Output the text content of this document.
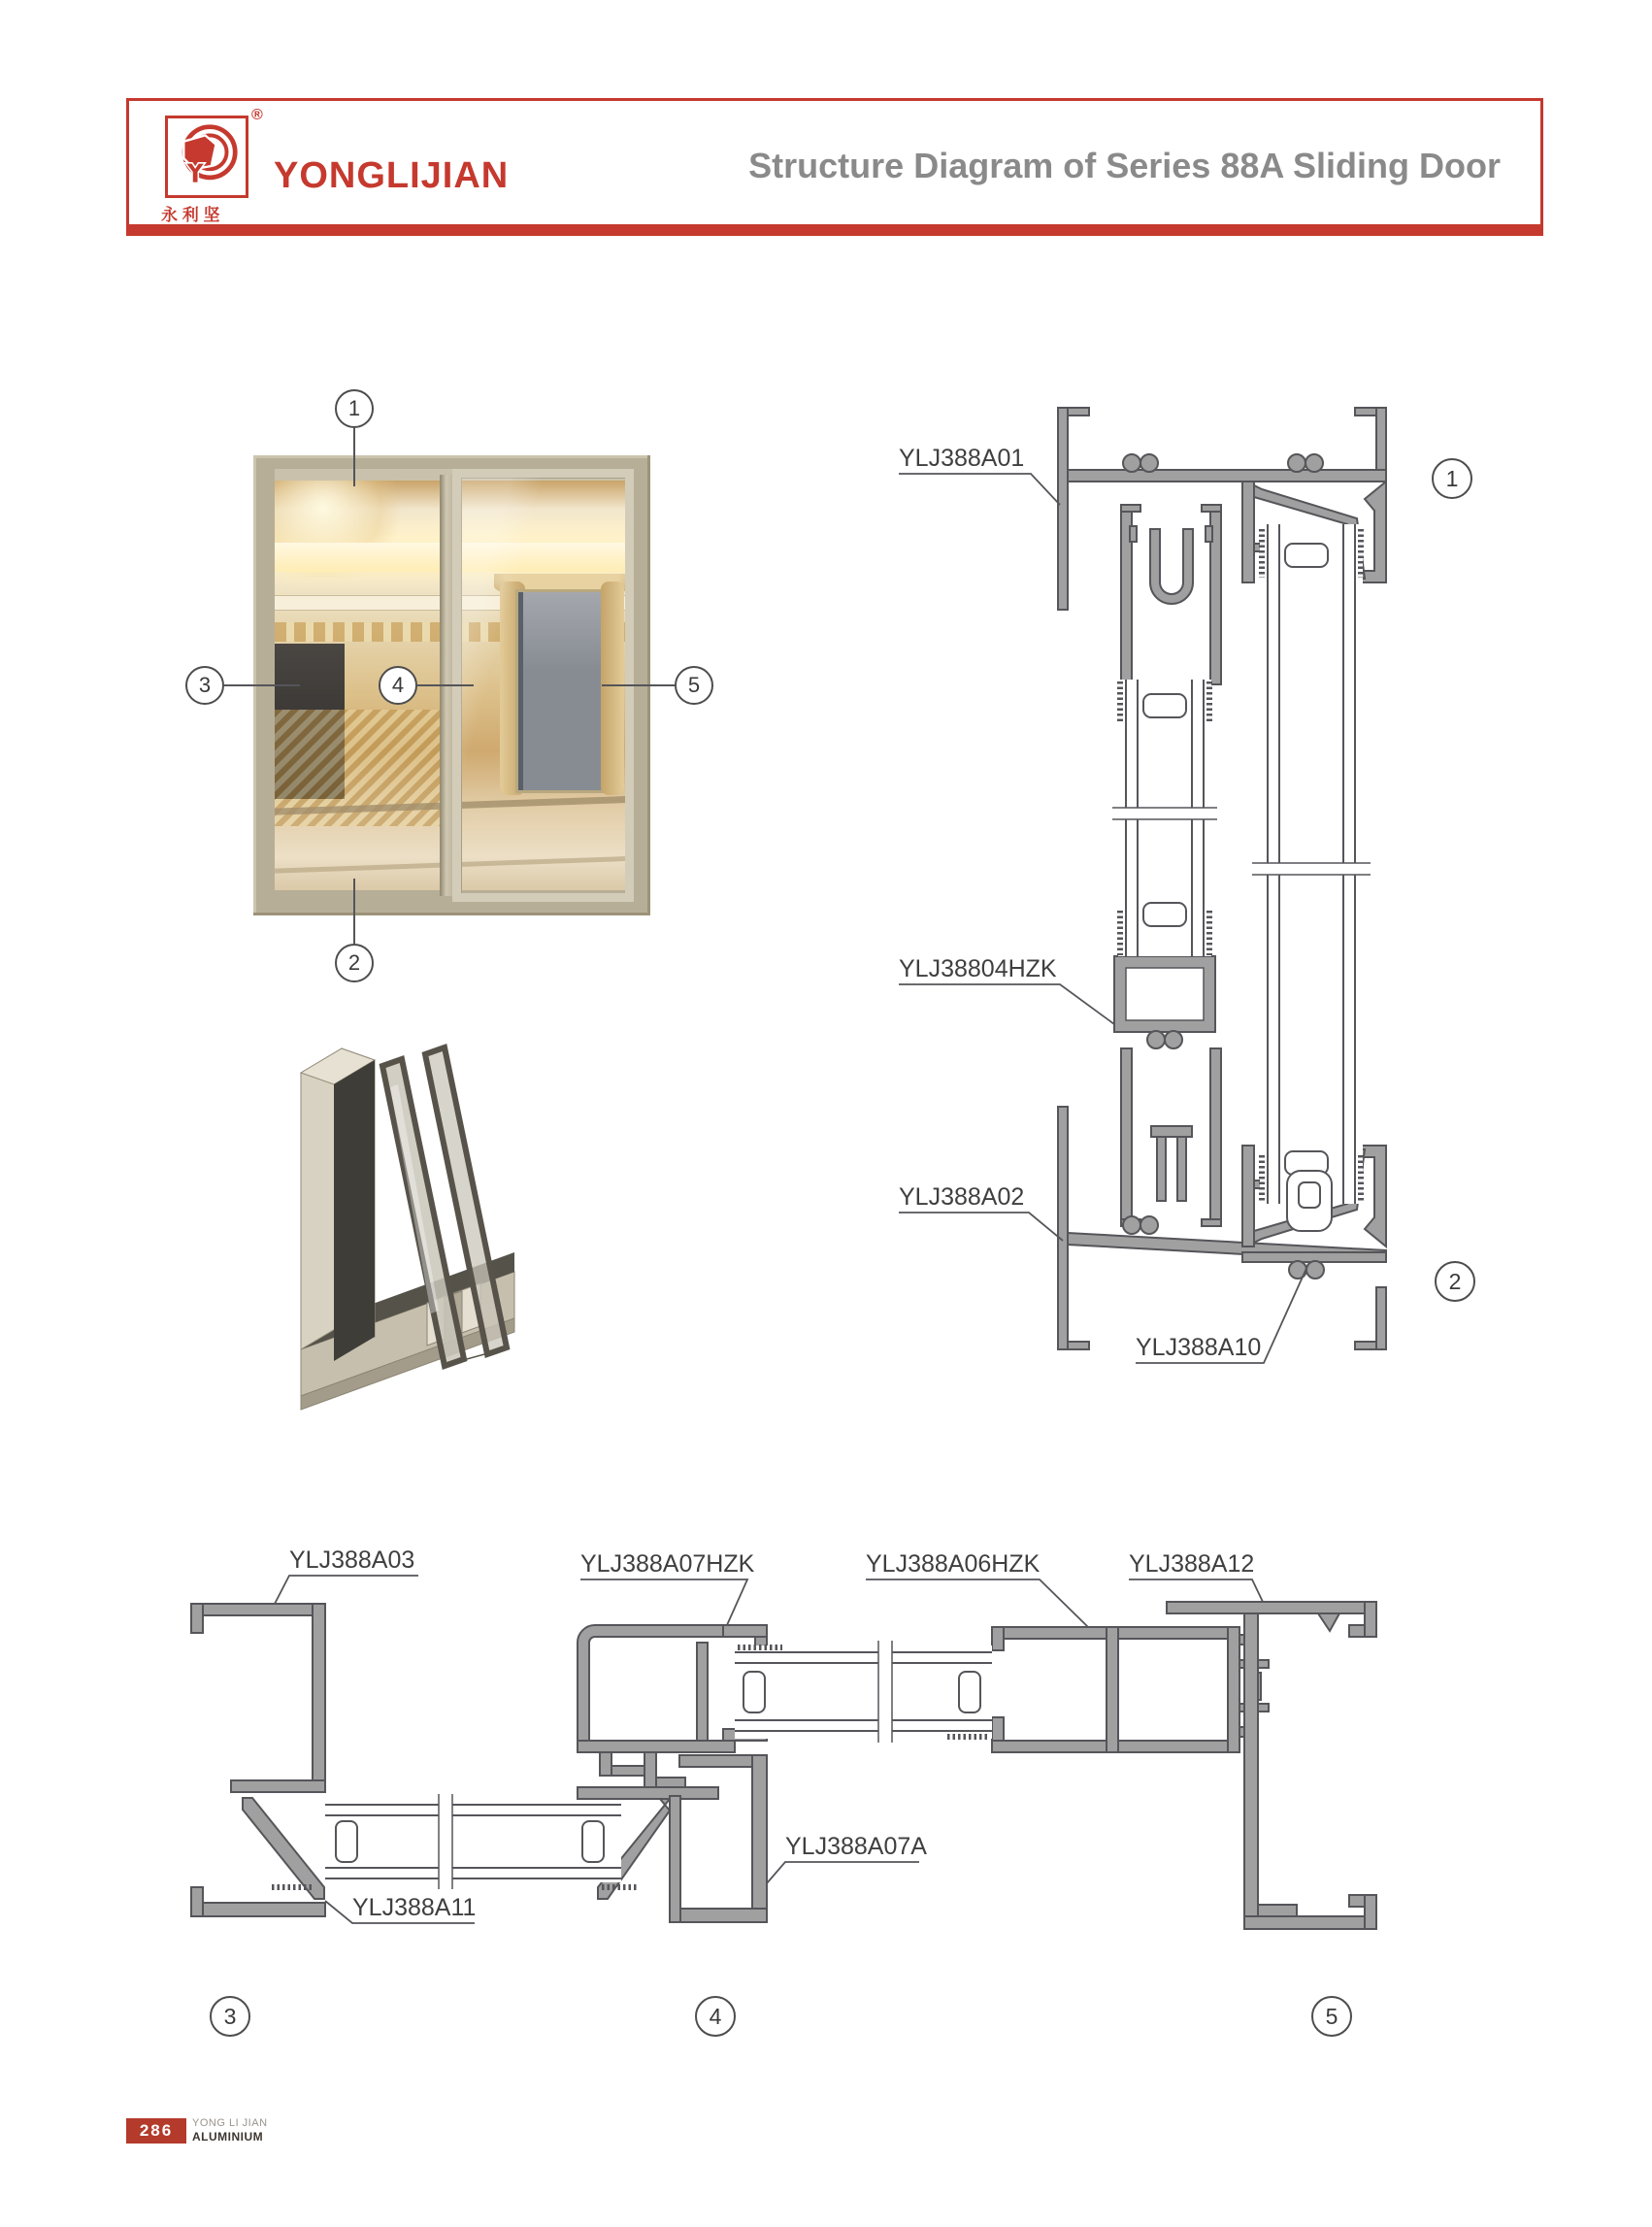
®
永 利 坚
YONGLIJIAN	Structure Diagram of Series 88A Sliding Door
1
2
3	4	5
YLJ388A01
YLJ38804HZK
YLJ388A02
YLJ388A10
1
2
YLJ388A03	YLJ388A07HZK	YLJ388A06HZK	YLJ388A12
YLJ388A07A
YLJ388A11
3	4	5
286	YONG LI JIAN
ALUMINIUM
